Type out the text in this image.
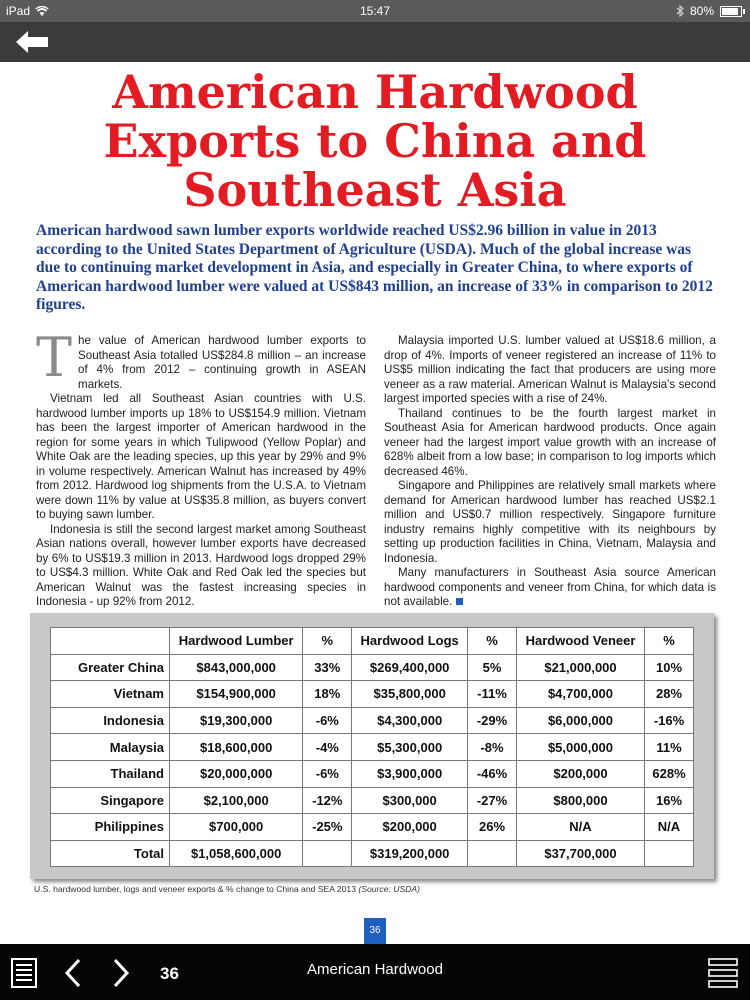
iPad	15:47	80%
American Hardwood
Exports to China and
Southeast Asia
American hardwood sawn lumber exports worldwide reached US$2.96 billion in value in 2013 according to the United States Department of Agriculture (USDA). Much of the global increase was due to continuing market development in Asia, and especially in Greater China, to where exports of American hardwood lumber were valued at US$843 million, an increase of 33% in comparison to 2012 figures.
T he value of American hardwood lumber exports to Southeast Asia totalled US$284.8 million – an increase of 4% from 2012 – continuing growth in ASEAN markets.

Vietnam led all Southeast Asian countries with U.S. hardwood lumber imports up 18% to US$154.9 million. Vietnam has been the largest importer of American hardwood in the region for some years in which Tulipwood (Yellow Poplar) and White Oak are the leading species, up this year by 29% and 9% in volume respectively. American Walnut has increased by 49% from 2012. Hardwood log shipments from the U.S.A. to Vietnam were down 11% by value at US$35.8 million, as buyers convert to buying sawn lumber.

Indonesia is still the second largest market among Southeast Asian nations overall, however lumber exports have decreased by 6% to US$19.3 million in 2013. Hardwood logs dropped 29% to US$4.3 million. White Oak and Red Oak led the species but American Walnut was the fastest increasing species in Indonesia - up 92% from 2012.

Malaysia imported U.S. lumber valued at US$18.6 million, a drop of 4%. Imports of veneer registered an increase of 11% to US$5 million indicating the fact that producers are using more veneer as a raw material. American Walnut is Malaysia's second largest imported species with a rise of 24%.

Thailand continues to be the fourth largest market in Southeast Asia for American hardwood products. Once again veneer had the largest import value growth with an increase of 628% albeit from a low base; in comparison to log imports which decreased 46%.

Singapore and Philippines are relatively small markets where demand for American hardwood lumber has reached US$2.1 million and US$0.7 million respectively. Singapore furniture industry remains highly competitive with its neighbours by setting up production facilities in China, Vietnam, Malaysia and Indonesia.

Many manufacturers in Southeast Asia source American hardwood components and veneer from China, for which data is not available.

	Hardwood Lumber	%	Hardwood Logs	%	Hardwood Veneer	%
Greater China	$843,000,000	33%	$269,400,000	5%	$21,000,000	10%
Vietnam	$154,900,000	18%	$35,800,000	-11%	$4,700,000	28%
Indonesia	$19,300,000	-6%	$4,300,000	-29%	$6,000,000	-16%
Malaysia	$18,600,000	-4%	$5,300,000	-8%	$5,000,000	11%
Thailand	$20,000,000	-6%	$3,900,000	-46%	$200,000	628%
Singapore	$2,100,000	-12%	$300,000	-27%	$800,000	16%
Philippines	$700,000	-25%	$200,000	26%	N/A	N/A
Total	$1,058,600,000		$319,200,000		$37,700,000	
U.S. hardwood lumber, logs and veneer exports & % change to China and SEA 2013 (Source: USDA)
36
36	American Hardwood
